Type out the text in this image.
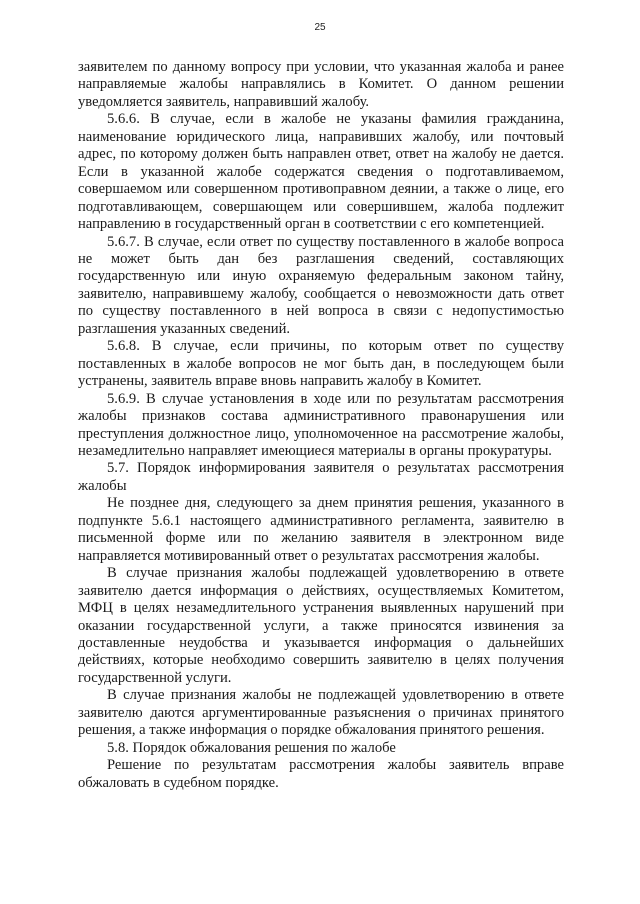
25

заявителем по данному вопросу при условии, что указанная жалоба и ранее направляемые жалобы направлялись в Комитет. О данном решении уведомляется заявитель, направивший жалобу.

5.6.6. В случае, если в жалобе не указаны фамилия гражданина, наименование юридического лица, направивших жалобу, или почтовый адрес, по которому должен быть направлен ответ, ответ на жалобу не дается. Если в указанной жалобе содержатся сведения о подготавливаемом, совершаемом или совершенном противоправном деянии, а также о лице, его подготавливающем, совершающем или совершившем, жалоба подлежит направлению в государственный орган в соответствии с его компетенцией.

5.6.7. В случае, если ответ по существу поставленного в жалобе вопроса не может быть дан без разглашения сведений, составляющих государственную или иную охраняемую федеральным законом тайну, заявителю, направившему жалобу, сообщается о невозможности дать ответ по существу поставленного в ней вопроса в связи с недопустимостью разглашения указанных сведений.

5.6.8. В случае, если причины, по которым ответ по существу поставленных в жалобе вопросов не мог быть дан, в последующем были устранены, заявитель вправе вновь направить жалобу в Комитет.

5.6.9. В случае установления в ходе или по результатам рассмотрения жалобы признаков состава административного правонарушения или преступления должностное лицо, уполномоченное на рассмотрение жалобы, незамедлительно направляет имеющиеся материалы в органы прокуратуры.

5.7. Порядок информирования заявителя о результатах рассмотрения жалобы

Не позднее дня, следующего за днем принятия решения, указанного в подпункте 5.6.1 настоящего административного регламента, заявителю в письменной форме или по желанию заявителя в электронном виде направляется мотивированный ответ о результатах рассмотрения жалобы.

В случае признания жалобы подлежащей удовлетворению в ответе заявителю дается информация о действиях, осуществляемых Комитетом, МФЦ в целях незамедлительного устранения выявленных нарушений при оказании государственной услуги, а также приносятся извинения за доставленные неудобства и указывается информация о дальнейших действиях, которые необходимо совершить заявителю в целях получения государственной услуги.

В случае признания жалобы не подлежащей удовлетворению в ответе заявителю даются аргументированные разъяснения о причинах принятого решения, а также информация о порядке обжалования принятого решения.

5.8. Порядок обжалования решения по жалобе

Решение по результатам рассмотрения жалобы заявитель вправе обжаловать в судебном порядке.
